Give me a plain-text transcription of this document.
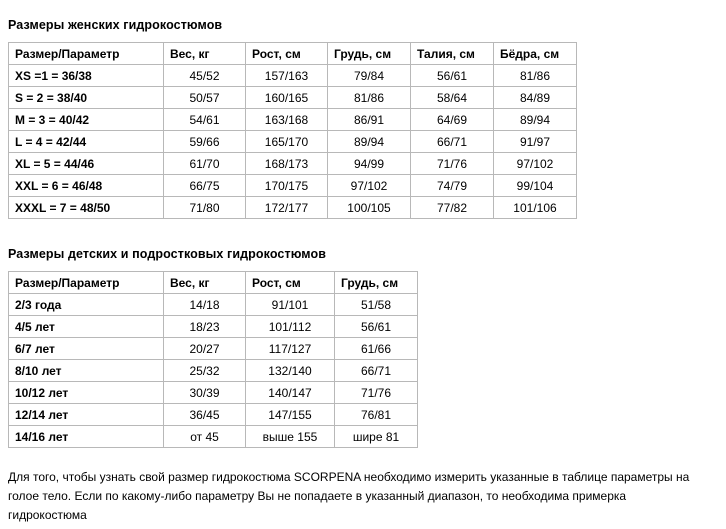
Размеры женских гидрокостюмов
Размер/Параметр	Вес, кг	Рост, см	Грудь, см	Талия, см	Бёдра, см
XS =1 = 36/38	45/52	157/163	79/84	56/61	81/86
S = 2 = 38/40	50/57	160/165	81/86	58/64	84/89
M = 3 = 40/42	54/61	163/168	86/91	64/69	89/94
L = 4 = 42/44	59/66	165/170	89/94	66/71	91/97
XL = 5 = 44/46	61/70	168/173	94/99	71/76	97/102
XXL = 6 = 46/48	66/75	170/175	97/102	74/79	99/104
XXXL = 7 = 48/50	71/80	172/177	100/105	77/82	101/106
Размеры детских и подростковых гидрокостюмов
Размер/Параметр	Вес, кг	Рост, см	Грудь, см
2/3 года	14/18	91/101	51/58
4/5 лет	18/23	101/112	56/61
6/7 лет	20/27	117/127	61/66
8/10 лет	25/32	132/140	66/71
10/12 лет	30/39	140/147	71/76
12/14 лет	36/45	147/155	76/81
14/16 лет	от 45	выше 155	шире 81

Для того, чтобы узнать свой размер гидрокостюма SCORPENA необходимо измерить указанные в таблице параметры на

голое тело. Если по какому-либо параметру Вы не попадаете в указанный диапазон, то необходима примерка гидрокостюма
